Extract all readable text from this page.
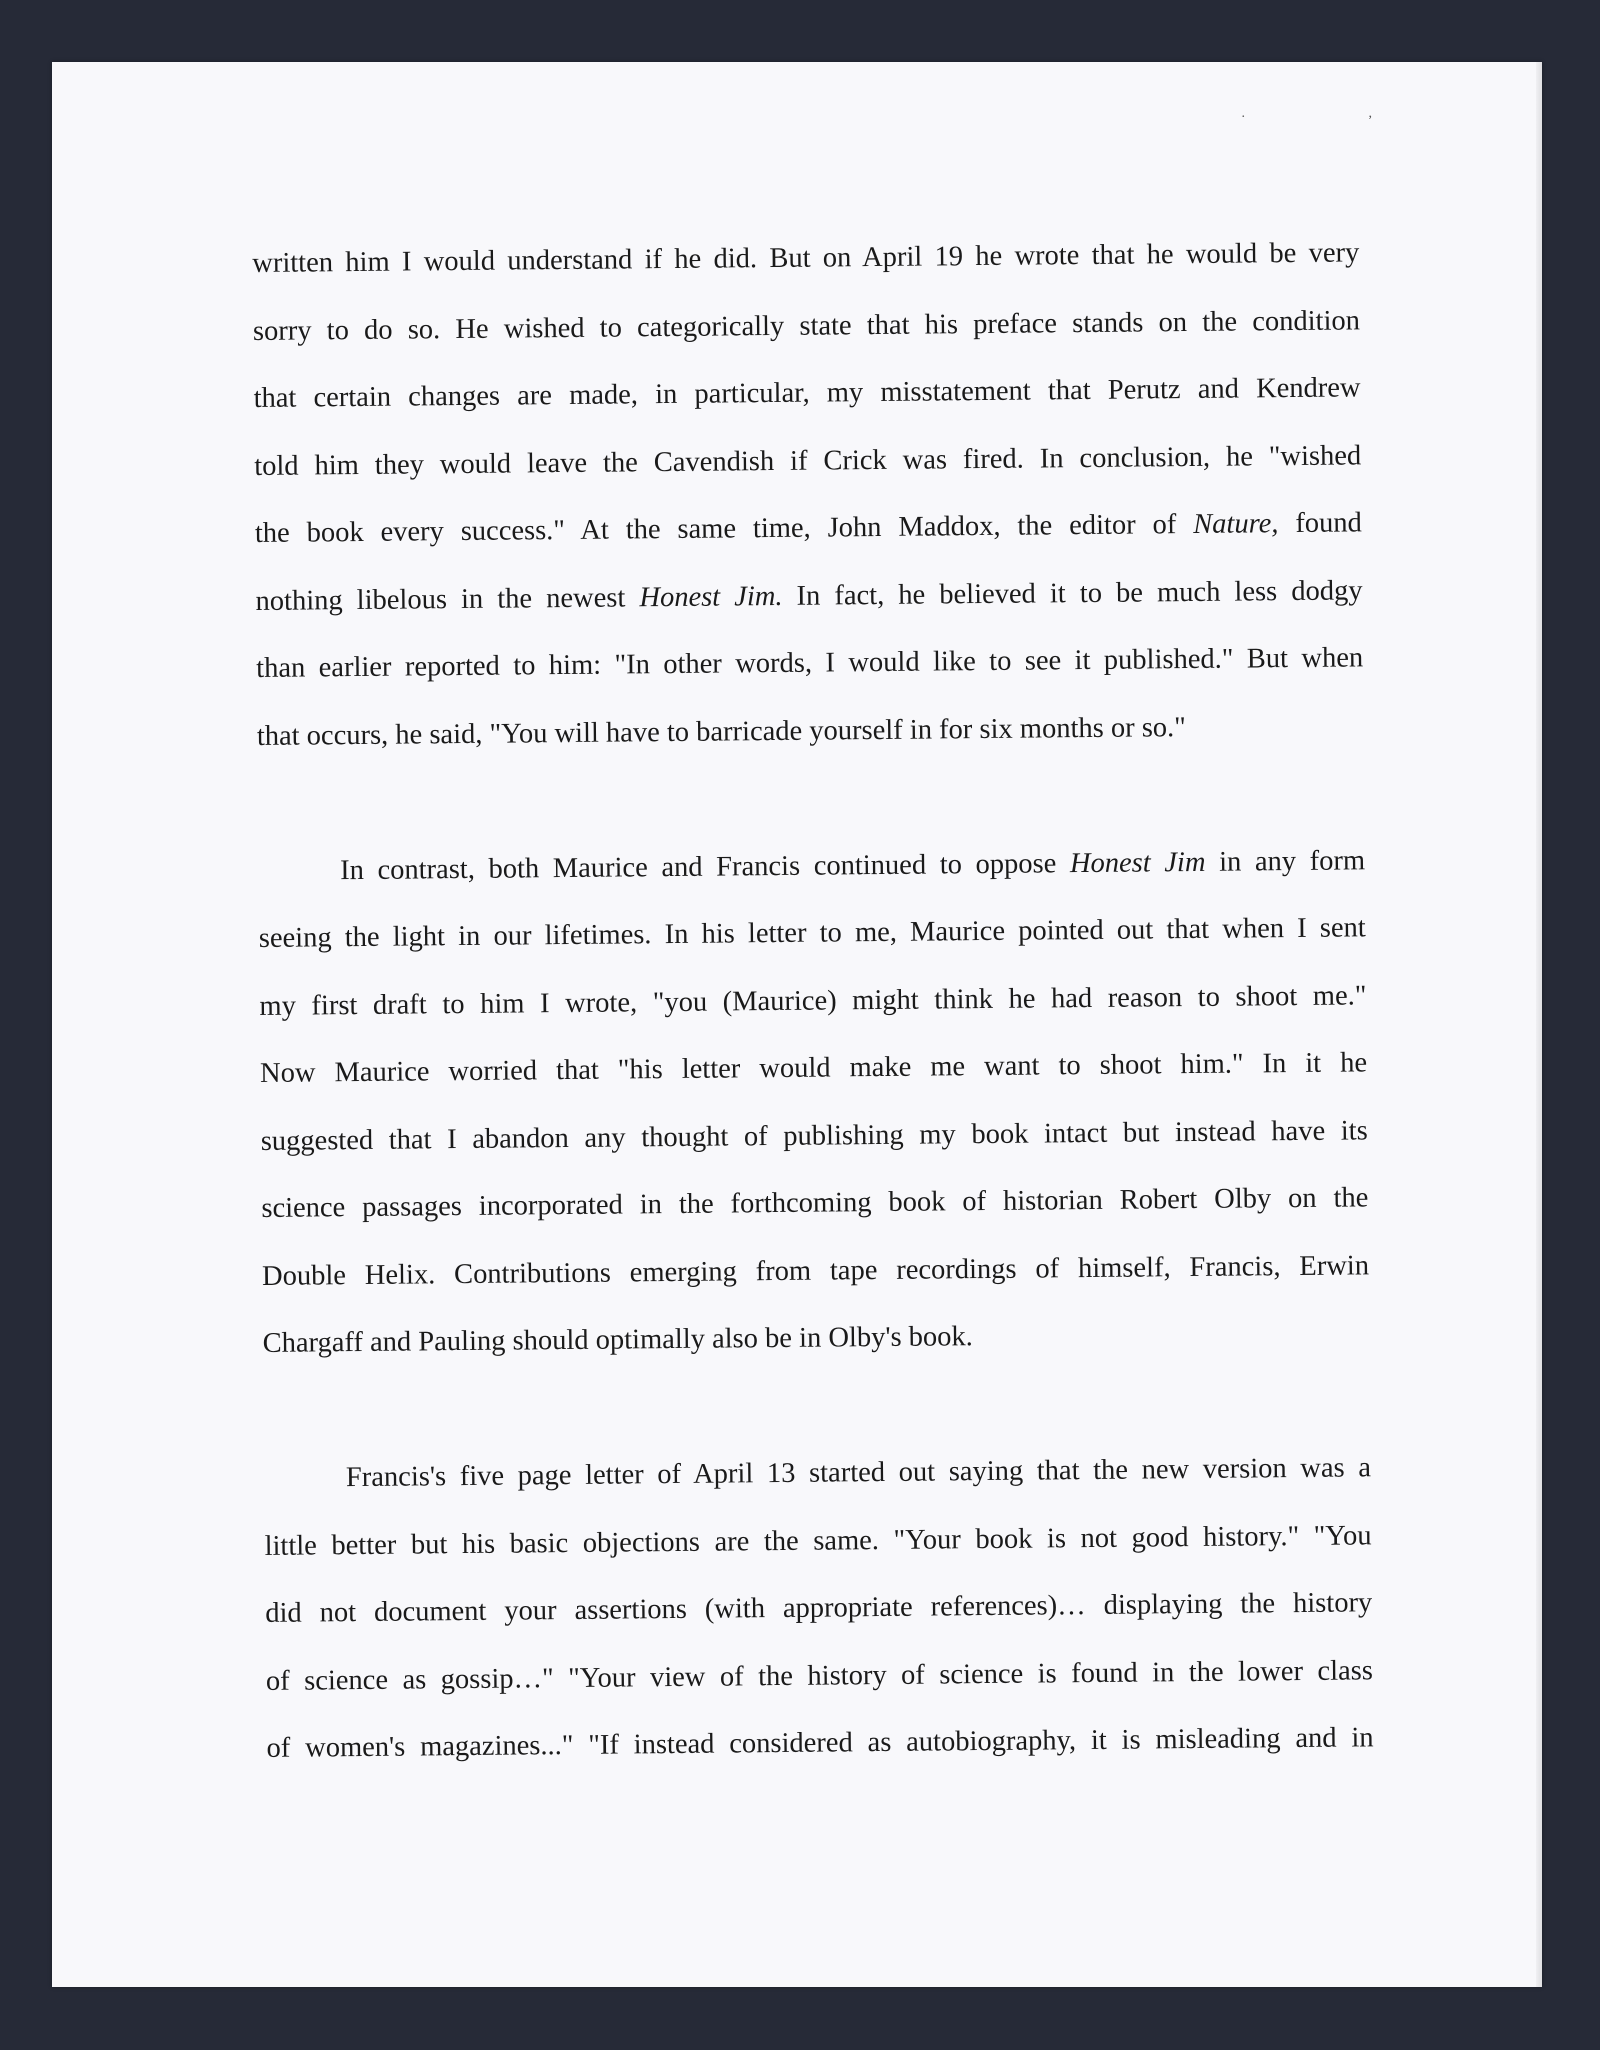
. ,

written him I would understand if he did. But on April 19 he wrote that he would be very
sorry to do so. He wished to categorically state that his preface stands on the condition
that certain changes are made, in particular, my misstatement that Perutz and Kendrew
told him they would leave the Cavendish if Crick was fired. In conclusion, he "wished
the book every success." At the same time, John Maddox, the editor of Nature, found
nothing libelous in the newest Honest Jim. In fact, he believed it to be much less dodgy
than earlier reported to him: "In other words, I would like to see it published." But when
that occurs, he said, "You will have to barricade yourself in for six months or so."

In contrast, both Maurice and Francis continued to oppose Honest Jim in any form
seeing the light in our lifetimes. In his letter to me, Maurice pointed out that when I sent
my first draft to him I wrote, "you (Maurice) might think he had reason to shoot me."
Now Maurice worried that "his letter would make me want to shoot him." In it he
suggested that I abandon any thought of publishing my book intact but instead have its
science passages incorporated in the forthcoming book of historian Robert Olby on the
Double Helix. Contributions emerging from tape recordings of himself, Francis, Erwin
Chargaff and Pauling should optimally also be in Olby's book.

Francis's five page letter of April 13 started out saying that the new version was a
little better but his basic objections are the same. "Your book is not good history." "You
did not document your assertions (with appropriate references)… displaying the history
of science as gossip…" "Your view of the history of science is found in the lower class
of women's magazines..." "If instead considered as autobiography, it is misleading and in
